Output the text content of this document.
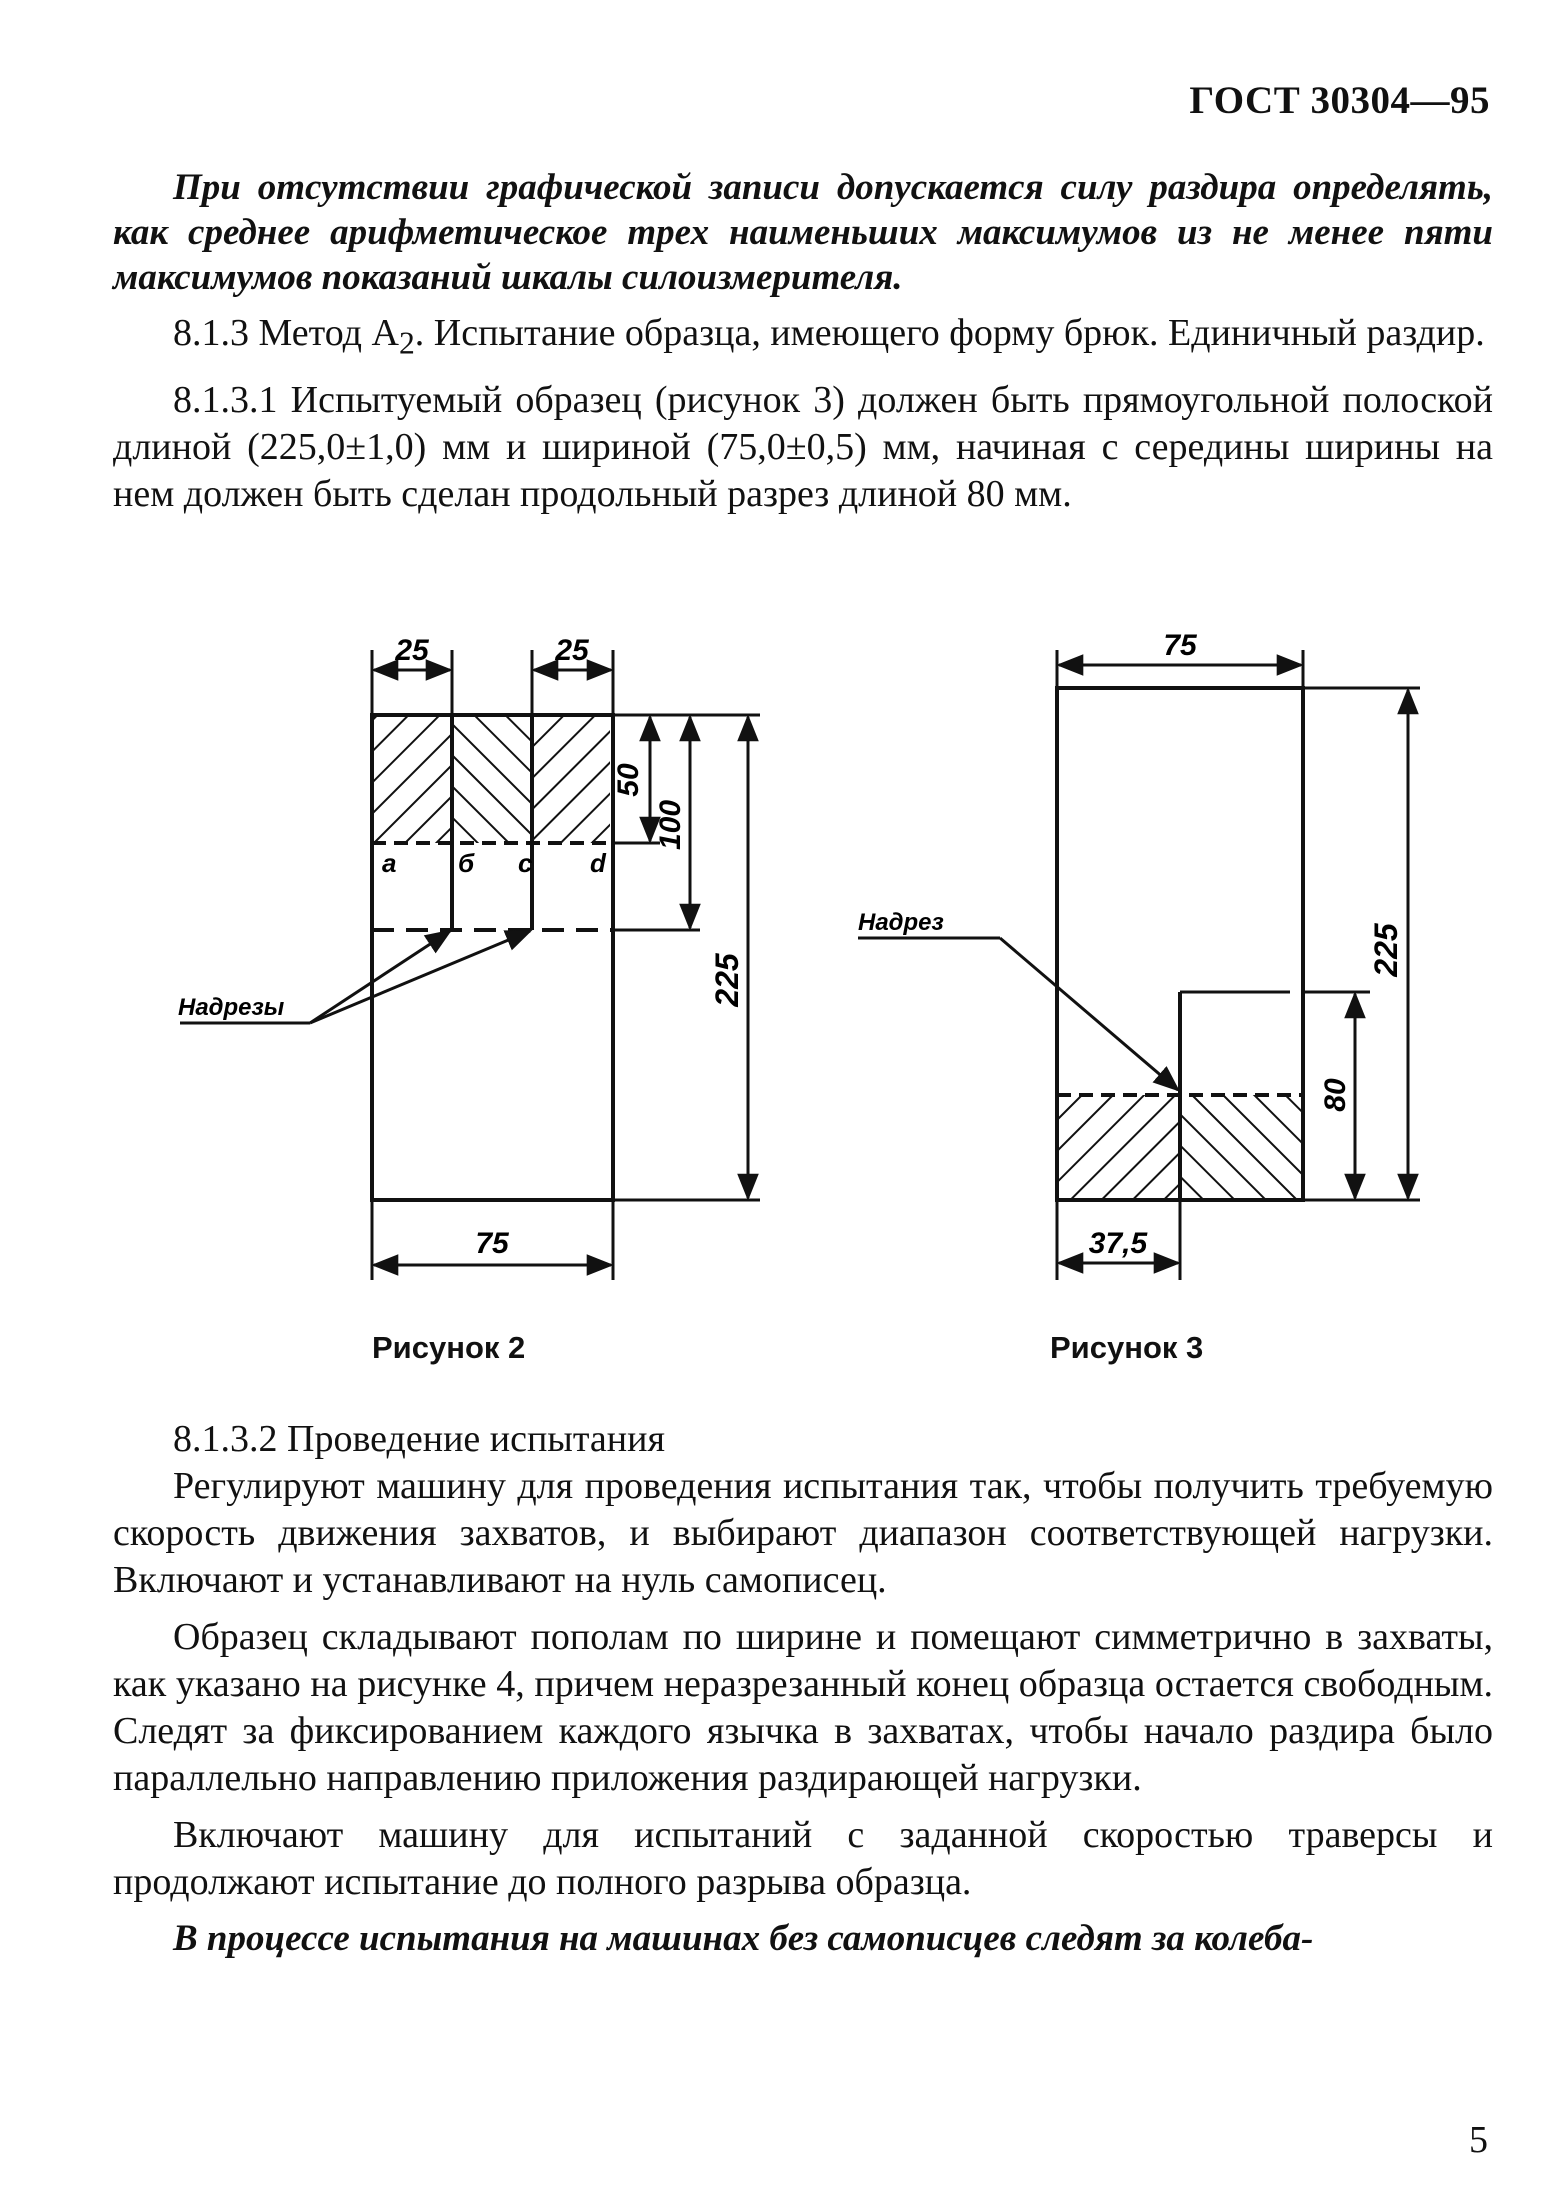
ГОСТ 30304—95

При отсутствии графической записи допускается силу раздира определять, как среднее арифметическое трех наименьших максимумов из не менее пяти максимумов показаний шкалы силоизмерителя.

8.1.3 Метод $А_2$. Испытание образца, имеющего форму брюк. Единичный раздир.

8.1.3.1 Испытуемый образец (рисунок 3) должен быть прямоугольной полоской длиной (225,0±1,0) мм и шириной (75,0±0,5) мм, начиная с середины ширины на нем должен быть сделан продольный разрез длиной 80 мм.

25	25
50
100
225
a б c d
Надрезы
75
Рисунок 2
75
225
80
Надрез
37,5
Рисунок 3

8.1.3.2 Проведение испытания

Регулируют машину для проведения испытания так, чтобы получить требуемую скорость движения захватов, и выбирают диапазон соответствующей нагрузки. Включают и устанавливают на нуль самописец.

Образец складывают пополам по ширине и помещают симметрично в захваты, как указано на рисунке 4, причем неразрезанный конец образца остается свободным. Следят за фиксированием каждого язычка в захватах, чтобы начало раздира было параллельно направлению приложения раздирающей нагрузки.

Включают машину для испытаний с заданной скоростью траверсы и продолжают испытание до полного разрыва образца.

В процессе испытания на машинах без самописцев следят за колеба-

5
